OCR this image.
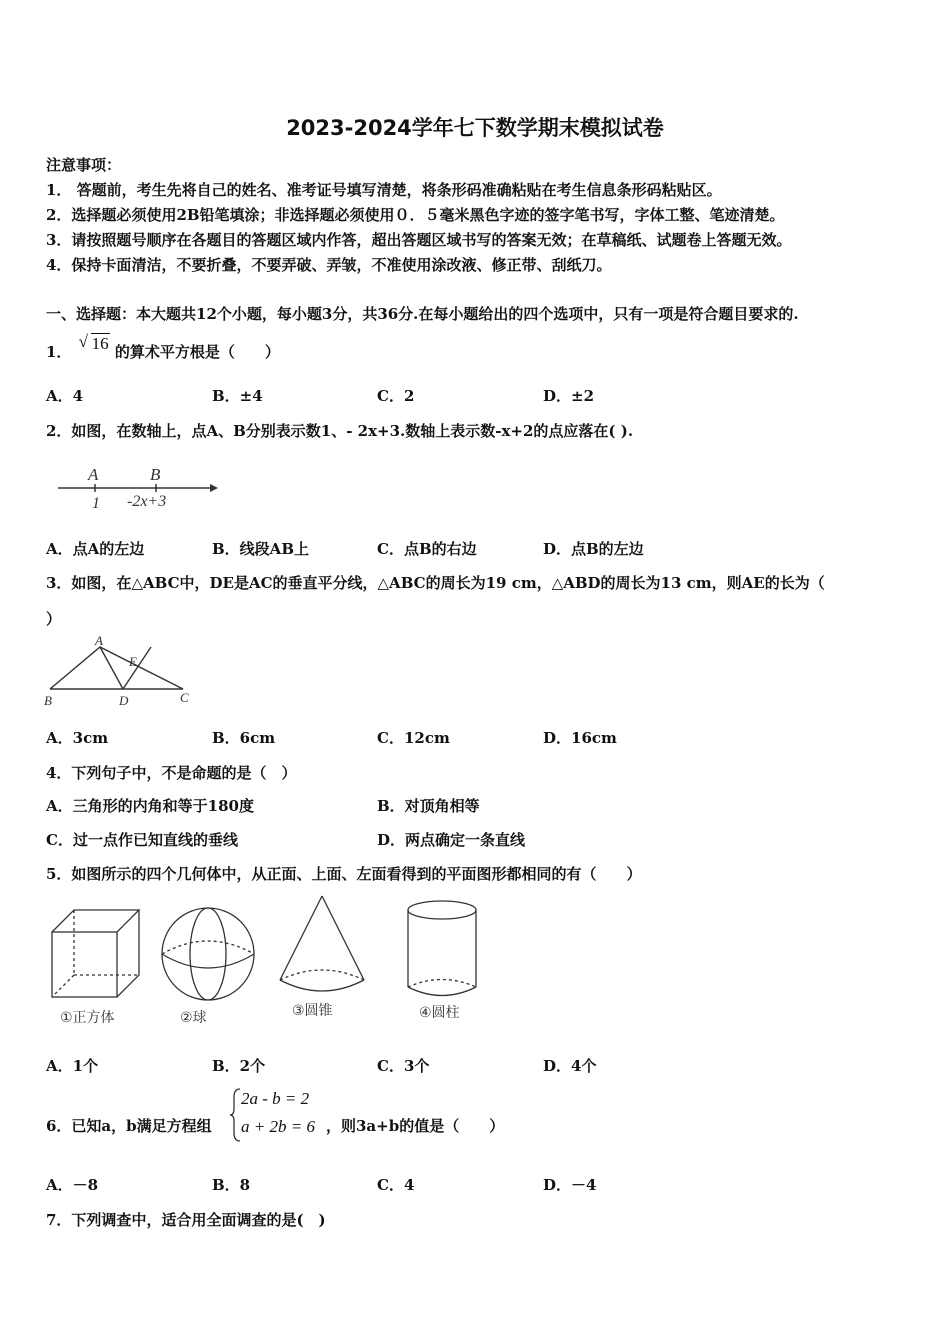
2023-2024学年七下数学期末模拟试卷
注意事项：
1． 答题前，考生先将自己的姓名、准考证号填写清楚，将条形码准确粘贴在考生信息条形码粘贴区。
2．选择题必须使用2B铅笔填涂；非选择题必须使用０．５毫米黑色字迹的签字笔书写，字体工整、笔迹清楚。
3．请按照题号顺序在各题目的答题区域内作答，超出答题区域书写的答案无效；在草稿纸、试题卷上答题无效。
4．保持卡面清洁，不要折叠，不要弄破、弄皱，不准使用涂改液、修正带、刮纸刀。
一、选择题：本大题共12个小题，每小题3分，共36分.在每小题给出的四个选项中，只有一项是符合题目要求的.
1．
√ 16 的算术平方根是（　　）
A．4	B．±4	C．2	D．±2
2．如图，在数轴上，点A、B分别表示数1、- 2x+3.数轴上表示数-x+2的点应落在( ).
A	B
1 -2x+3
A．点A的左边	B．线段AB上	C．点B的右边	D．点B的左边
3．如图，在△ABC中，DE是AC的垂直平分线，△ABC的周长为19 cm，△ABD的周长为13 cm，则AE的长为（
）
A
B	C
D
E
A．3cm	B．6cm	C．12cm	D．16cm
4．下列句子中，不是命题的是（　）
A．三角形的内角和等于180度	B．对顶角相等
C．过一点作已知直线的垂线	D．两点确定一条直线
5．如图所示的四个几何体中，从正面、上面、左面看得到的平面图形都相同的有（　　）
①正方体	②球	③圆锥	④圆柱
A．1个	B．2个	C．3个	D．4个
6．已知a，b满足方程组
2a - b = 2
a + 2b = 6 ，则3a+b的值是（　　）
A．－8	B．8	C．4	D．－4
7．下列调查中，适合用全面调查的是(　)
